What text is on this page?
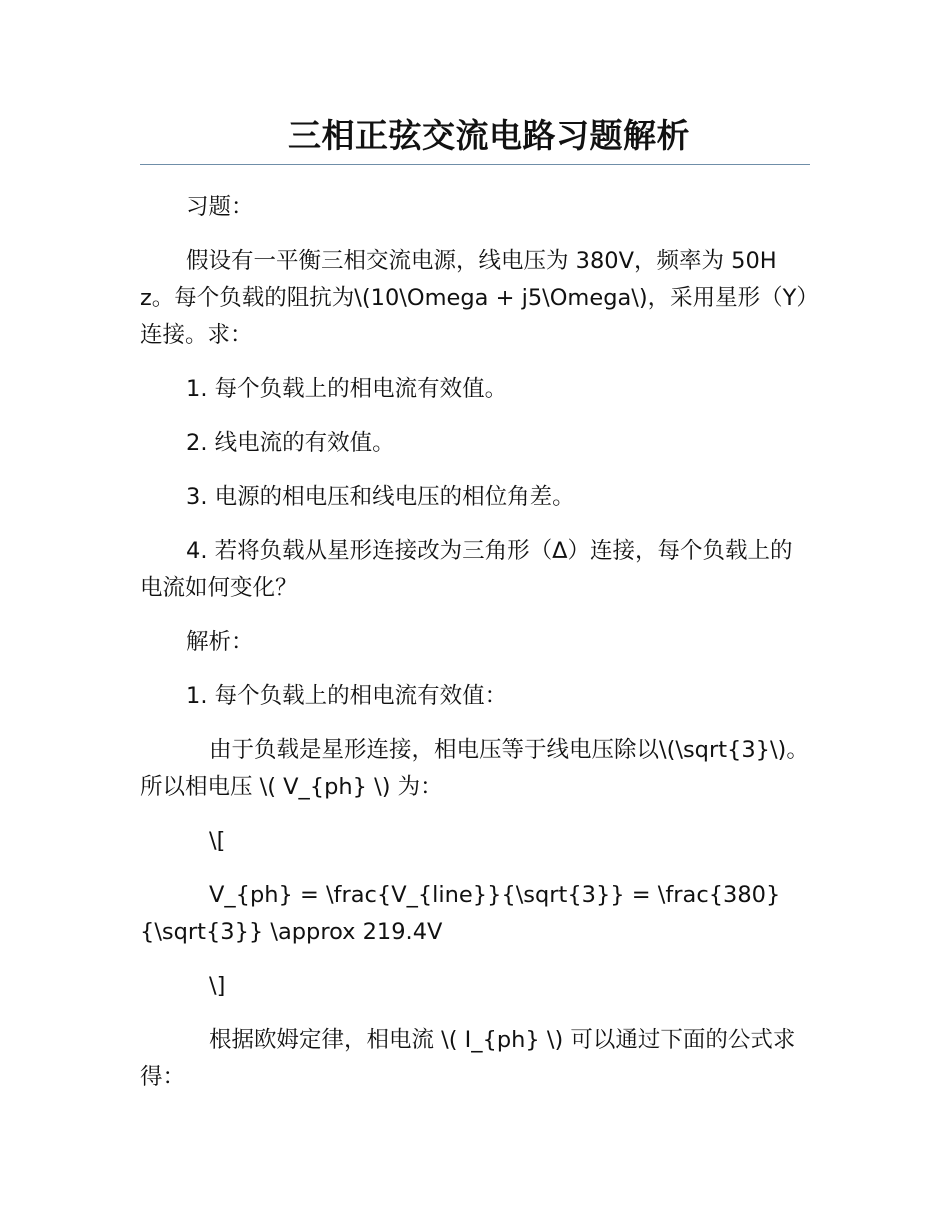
三相正弦交流电路习题解析

习题：

假设有一平衡三相交流电源，线电压为 380V，频率为 50Hz。每个负载的阻抗为\(10\Omega + j5\Omega\)，采用星形（Y）连接。求：

1. 每个负载上的相电流有效值。

2. 线电流的有效值。

3. 电源的相电压和线电压的相位角差。

4. 若将负载从星形连接改为三角形（Δ）连接，每个负载上的电流如何变化？

解析：

1. 每个负载上的相电流有效值：

由于负载是星形连接，相电压等于线电压除以\(\sqrt{3}\)。所以相电压 \( V_{ph} \) 为：

\[

V_{ph} = \frac{V_{line}}{\sqrt{3}} = \frac{380}{\sqrt{3}} \approx 219.4V

\]

根据欧姆定律，相电流 \( I_{ph} \) 可以通过下面的公式求得：
